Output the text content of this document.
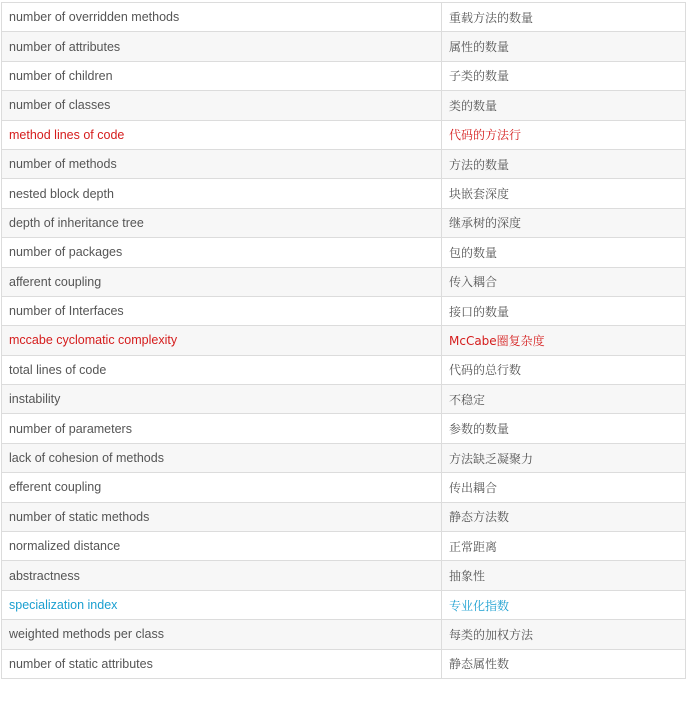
number of overridden methods	重载方法的数量
number of attributes	属性的数量
number of children	子类的数量
number of classes	类的数量
method lines of code	代码的方法行
number of methods	方法的数量
nested block depth	块嵌套深度
depth of inheritance tree	继承树的深度
number of packages	包的数量
afferent coupling	传入耦合
number of Interfaces	接口的数量
mccabe cyclomatic complexity	McCabe圈复杂度
total lines of code	代码的总行数
instability	不稳定
number of parameters	参数的数量
lack of cohesion of methods	方法缺乏凝聚力
efferent coupling	传出耦合
number of static methods	静态方法数
normalized distance	正常距离
abstractness	抽象性
specialization index	专业化指数
weighted methods per class	每类的加权方法
number of static attributes	静态属性数
